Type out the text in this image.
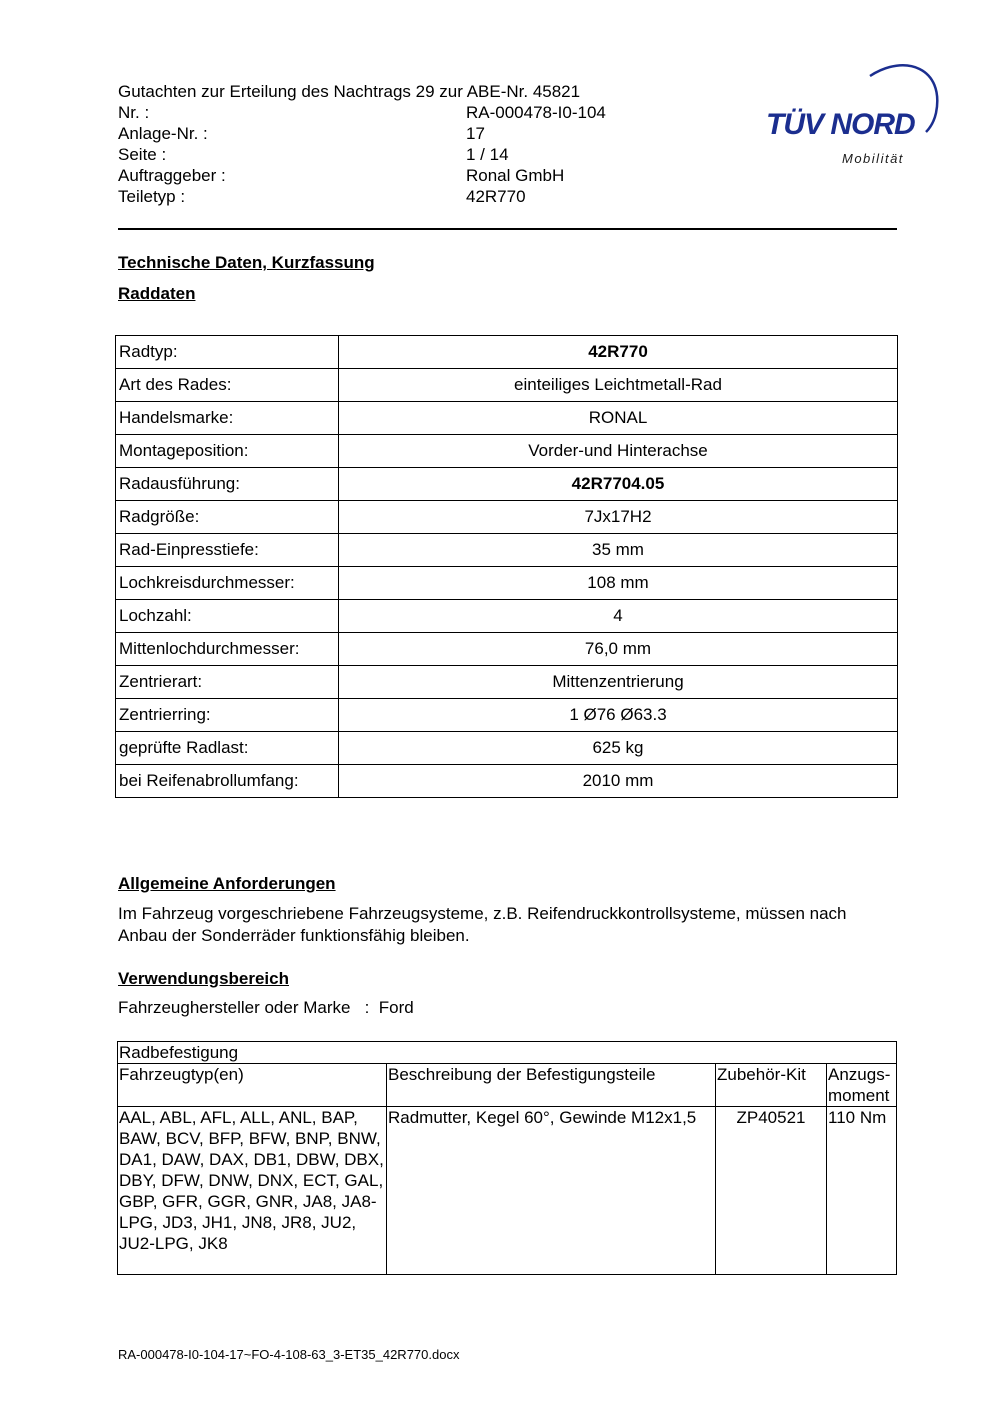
Gutachten zur Erteilung des Nachtrags 29 zur ABE-Nr. 45821
Nr. :	RA-000478-I0-104
Anlage-Nr. :	17
Seite :	1 / 14
Auftraggeber :	Ronal GmbH
Teiletyp :	42R770
TÜV NORD
Mobilität
Technische Daten, Kurzfassung
Raddaten
Radtyp:	42R770
Art des Rades:	einteiliges Leichtmetall-Rad
Handelsmarke:	RONAL
Montageposition:	Vorder-und Hinterachse
Radausführung:	42R7704.05
Radgröße:	7Jx17H2
Rad-Einpresstiefe:	35 mm
Lochkreisdurchmesser:	108 mm
Lochzahl:	4
Mittenlochdurchmesser:	76,0 mm
Zentrierart:	Mittenzentrierung
Zentrierring:	1 Ø76 Ø63.3
geprüfte Radlast:	625 kg
bei Reifenabrollumfang:	2010 mm
Allgemeine Anforderungen
Im Fahrzeug vorgeschriebene Fahrzeugsysteme, z.B. Reifendruckkontrollsysteme, müssen nach Anbau der Sonderräder funktionsfähig bleiben.
Verwendungsbereich
Fahrzeughersteller oder Marke   :  Ford
Radbefestigung			
Fahrzeugtyp(en)	Beschreibung der Befestigungsteile	Zubehör-Kit	Anzugs-moment
AAL, ABL, AFL, ALL, ANL, BAP, BAW, BCV, BFP, BFW, BNP, BNW, DA1, DAW, DAX, DB1, DBW, DBX, DBY, DFW, DNW, DNX, ECT, GAL, GBP, GFR, GGR, GNR, JA8, JA8-LPG, JD3, JH1, JN8, JR8, JU2, JU2-LPG, JK8	Radmutter, Kegel 60°, Gewinde M12x1,5	ZP40521	110 Nm
RA-000478-I0-104-17~FO-4-108-63_3-ET35_42R770.docx
